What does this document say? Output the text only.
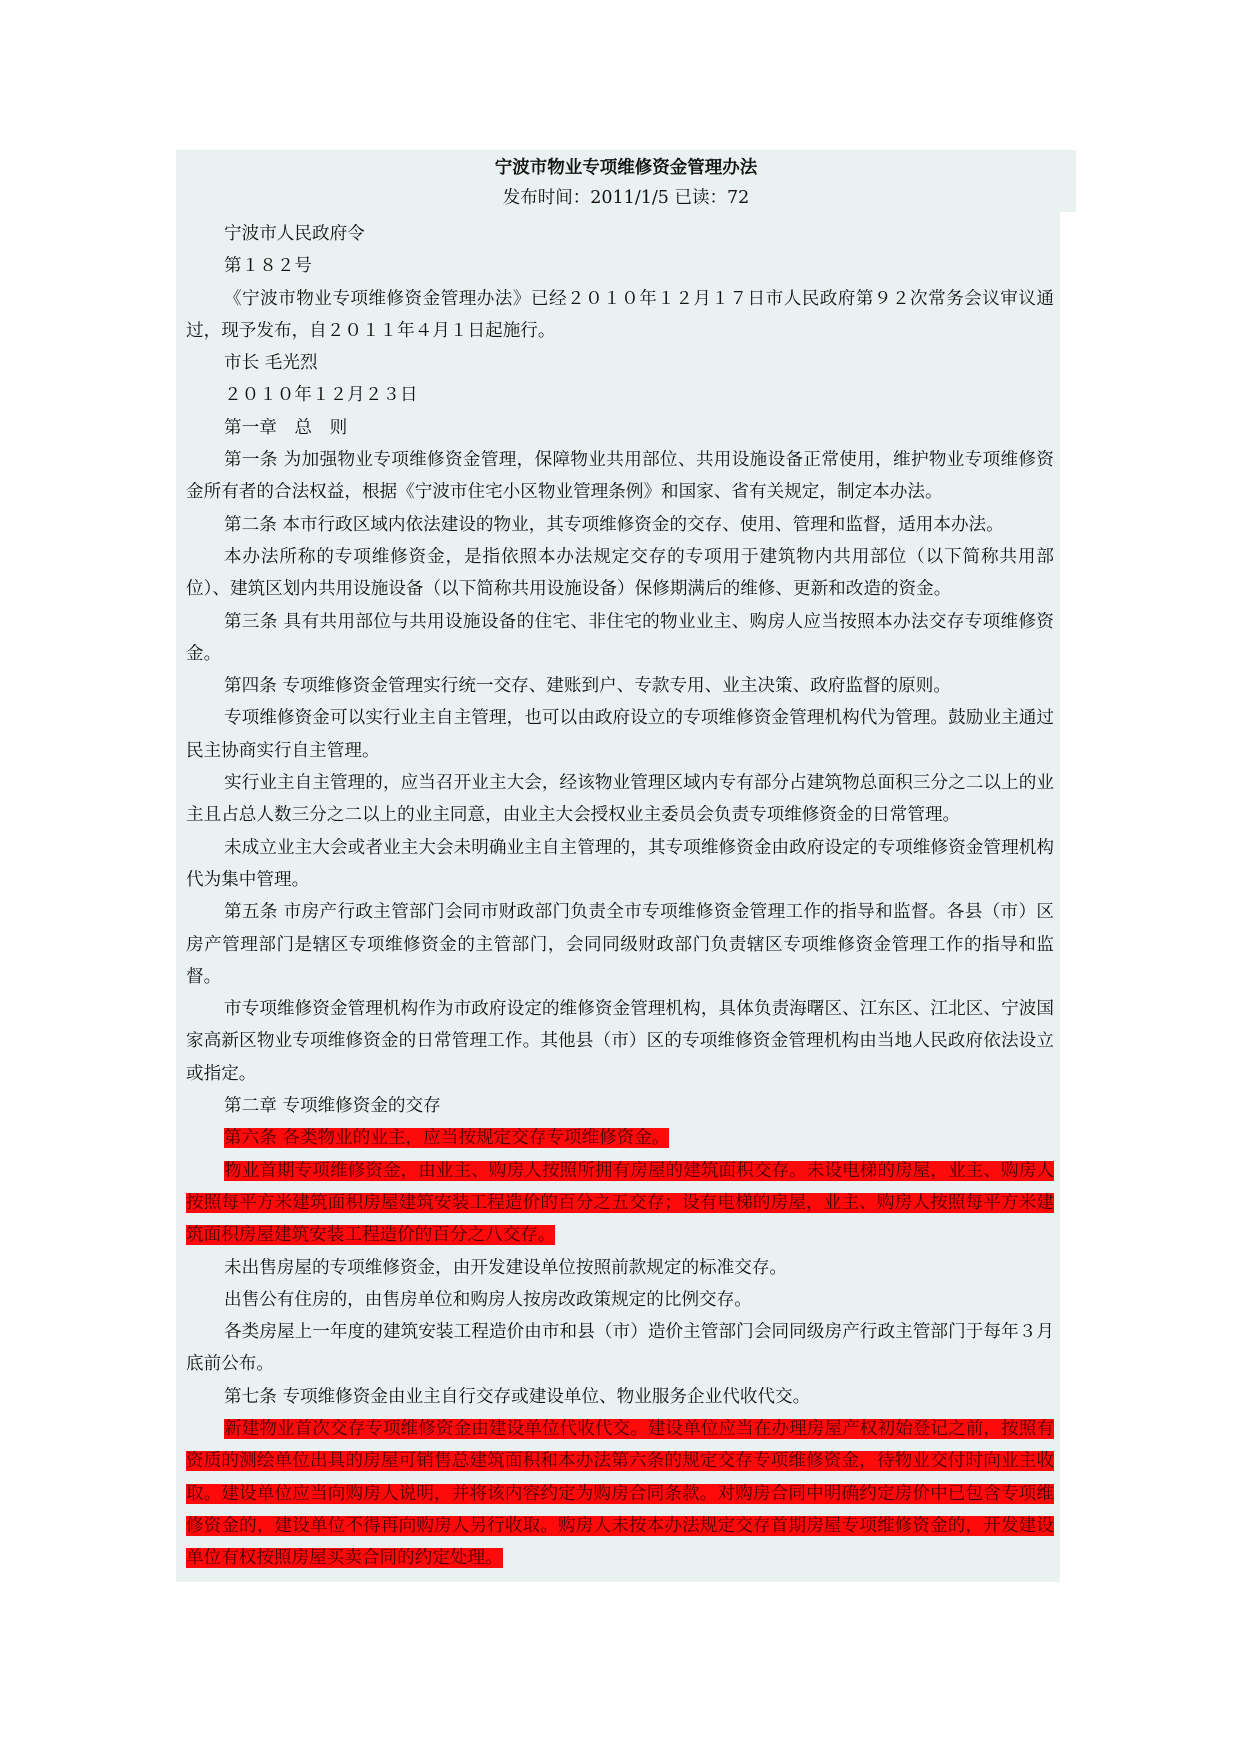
宁波市物业专项维修资金管理办法
发布时间：2011/1/5 已读：72

宁波市人民政府令

第１８２号

《宁波市物业专项维修资金管理办法》已经２０１０年１２月１７日市人民政府第９２次常务会议审议通过，现予发布，自２０１１年４月１日起施行。

市长 毛光烈

２０１０年１２月２３日

第一章　总　则

第一条 为加强物业专项维修资金管理，保障物业共用部位、共用设施设备正常使用，维护物业专项维修资金所有者的合法权益，根据《宁波市住宅小区物业管理条例》和国家、省有关规定，制定本办法。

第二条 本市行政区域内依法建设的物业，其专项维修资金的交存、使用、管理和监督，适用本办法。

本办法所称的专项维修资金，是指依照本办法规定交存的专项用于建筑物内共用部位（以下简称共用部位）、建筑区划内共用设施设备（以下简称共用设施设备）保修期满后的维修、更新和改造的资金。

第三条 具有共用部位与共用设施设备的住宅、非住宅的物业业主、购房人应当按照本办法交存专项维修资金。

第四条 专项维修资金管理实行统一交存、建账到户、专款专用、业主决策、政府监督的原则。

专项维修资金可以实行业主自主管理，也可以由政府设立的专项维修资金管理机构代为管理。鼓励业主通过民主协商实行自主管理。

实行业主自主管理的，应当召开业主大会，经该物业管理区域内专有部分占建筑物总面积三分之二以上的业主且占总人数三分之二以上的业主同意，由业主大会授权业主委员会负责专项维修资金的日常管理。

未成立业主大会或者业主大会未明确业主自主管理的，其专项维修资金由政府设定的专项维修资金管理机构代为集中管理。

第五条 市房产行政主管部门会同市财政部门负责全市专项维修资金管理工作的指导和监督。各县（市）区房产管理部门是辖区专项维修资金的主管部门，会同同级财政部门负责辖区专项维修资金管理工作的指导和监督。

市专项维修资金管理机构作为市政府设定的维修资金管理机构，具体负责海曙区、江东区、江北区、宁波国家高新区物业专项维修资金的日常管理工作。其他县（市）区的专项维修资金管理机构由当地人民政府依法设立或指定。

第二章 专项维修资金的交存

第六条 各类物业的业主，应当按规定交存专项维修资金。

物业首期专项维修资金，由业主、购房人按照所拥有房屋的建筑面积交存。未设电梯的房屋，业主、购房人按照每平方米建筑面积房屋建筑安装工程造价的百分之五交存；设有电梯的房屋，业主、购房人按照每平方米建筑面积房屋建筑安装工程造价的百分之八交存。

未出售房屋的专项维修资金，由开发建设单位按照前款规定的标准交存。

出售公有住房的，由售房单位和购房人按房改政策规定的比例交存。

各类房屋上一年度的建筑安装工程造价由市和县（市）造价主管部门会同同级房产行政主管部门于每年３月底前公布。

第七条 专项维修资金由业主自行交存或建设单位、物业服务企业代收代交。

新建物业首次交存专项维修资金由建设单位代收代交。建设单位应当在办理房屋产权初始登记之前，按照有资质的测绘单位出具的房屋可销售总建筑面积和本办法第六条的规定交存专项维修资金，待物业交付时向业主收取。建设单位应当向购房人说明，并将该内容约定为购房合同条款。对购房合同中明确约定房价中已包含专项维修资金的，建设单位不得再向购房人另行收取。购房人未按本办法规定交存首期房屋专项维修资金的，开发建设单位有权按照房屋买卖合同的约定处理。
